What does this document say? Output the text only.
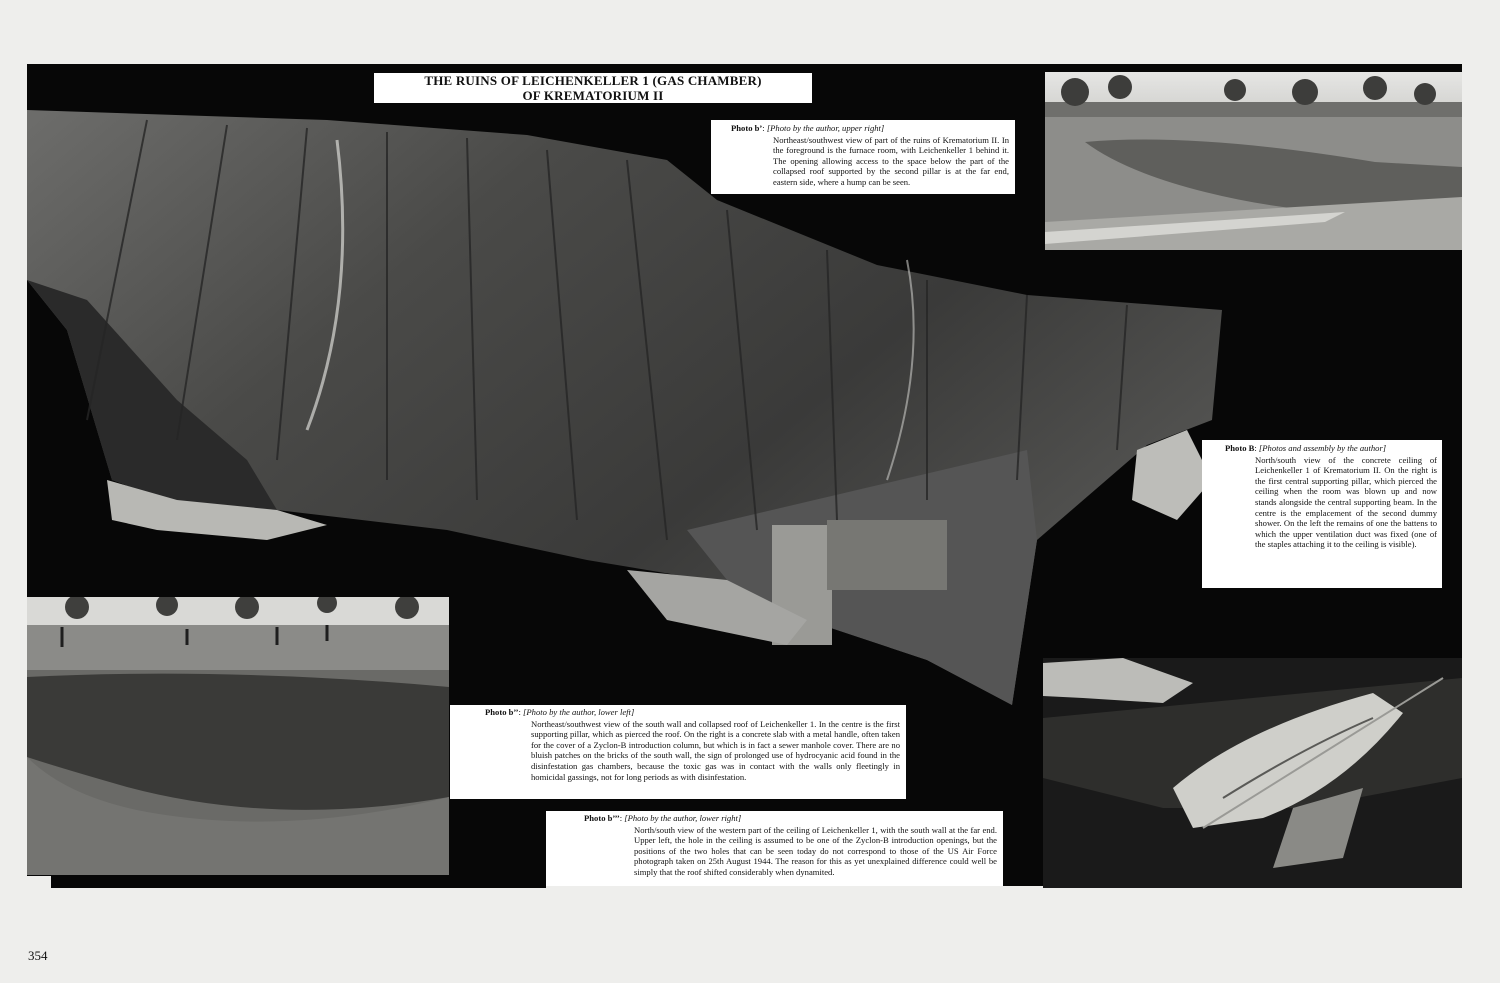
THE RUINS OF LEICHENKELLER 1 (GAS CHAMBER)
OF KREMATORIUM II
Photo b’: [Photo by the author, upper right]
Northeast/southwest view of part of the ruins of Krematorium II. In the foreground is the furnace room, with Leichenkeller 1 behind it. The opening allowing access to the space below the part of the collapsed roof supported by the second pillar is at the far end, eastern side, where a hump can be seen.
Photo B: [Photos and assembly by the author]
North/south view of the concrete ceiling of Leichenkeller 1 of Krematorium II. On the right is the first central supporting pillar, which pierced the ceiling when the room was blown up and now stands alongside the central supporting beam. In the centre is the emplacement of the second dummy shower. On the left the remains of one the battens to which the upper ventilation duct was fixed (one of the staples attaching it to the ceiling is visible).
Photo b’’: [Photo by the author, lower left]
Northeast/southwest view of the south wall and collapsed roof of Leichenkeller 1. In the centre is the first supporting pillar, which as pierced the roof. On the right is a concrete slab with a metal handle, often taken for the cover of a Zyclon-B introduction column, but which is in fact a sewer manhole cover. There are no bluish patches on the bricks of the south wall, the sign of prolonged use of hydrocyanic acid found in the disinfestation gas chambers, because the toxic gas was in contact with the walls only fleetingly in homicidal gassings, not for long periods as with disinfestation.
Photo b’’’: [Photo by the author, lower right]
North/south view of the western part of the ceiling of Leichenkeller 1, with the south wall at the far end. Upper left, the hole in the ceiling is assumed to be one of the Zyclon-B introduction openings, but the positions of the two holes that can be seen today do not correspond to those of the US Air Force photograph taken on 25th August 1944. The reason for this as yet unexplained difference could well be simply that the roof shifted considerably when dynamited.
354
